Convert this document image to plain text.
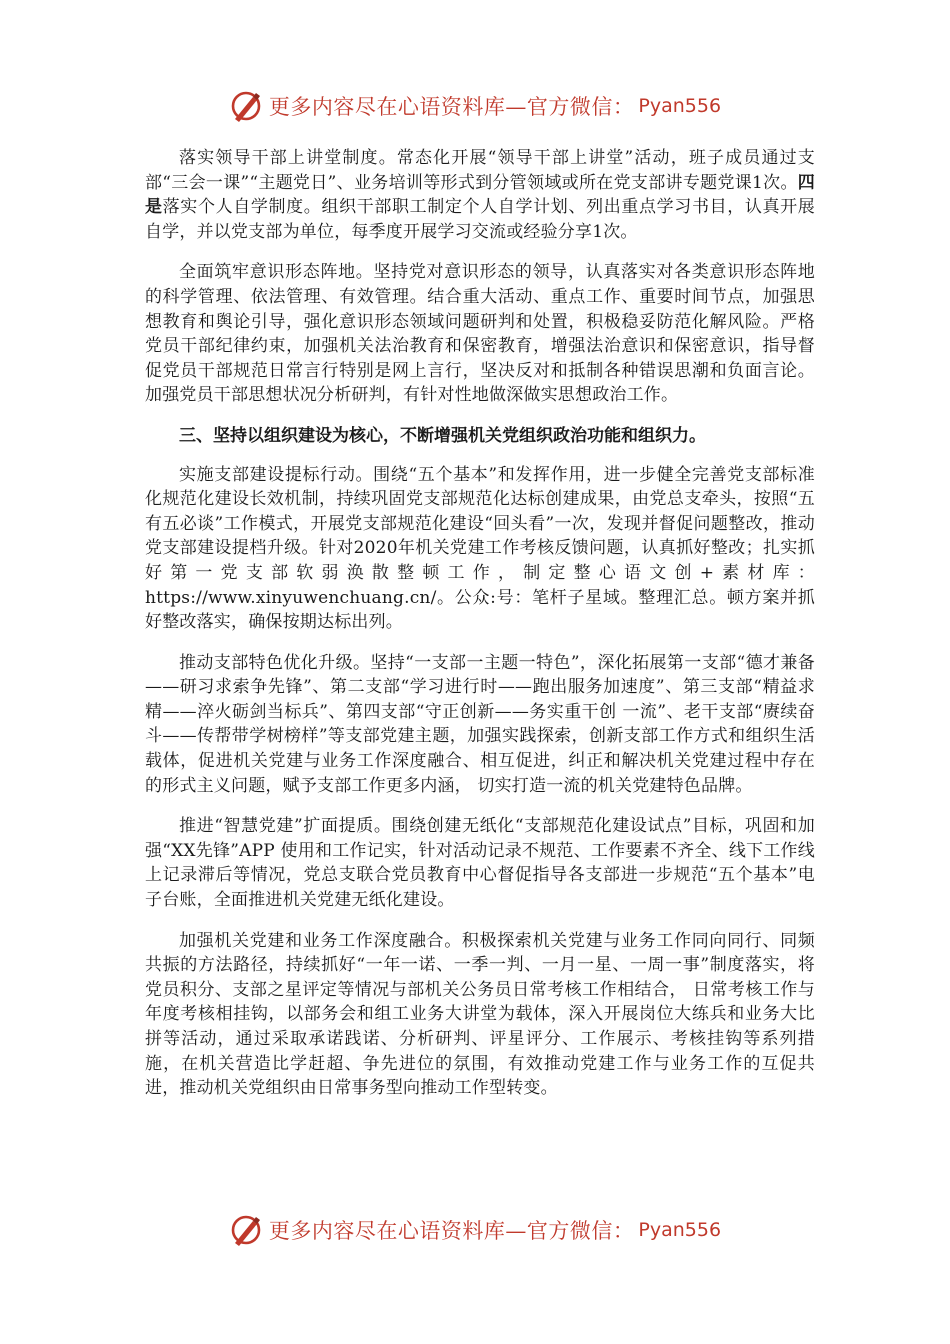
更多内容尽在心语资料库—官方微信： Pyan556

落实领导干部上讲堂制度。常态化开展“领导干部上讲堂”活动，班子成员通过支部“三会一课”“主题党日”、业务培训等形式到分管领域或所在党支部讲专题党课1次。四是落实个人自学制度。组织干部职工制定个人自学计划、列出重点学习书目，认真开展自学，并以党支部为单位，每季度开展学习交流或经验分享1次。

全面筑牢意识形态阵地。坚持党对意识形态的领导，认真落实对各类意识形态阵地的科学管理、依法管理、有效管理。结合重大活动、重点工作、重要时间节点，加强思想教育和舆论引导，强化意识形态领域问题研判和处置，积极稳妥防范化解风险。严格党员干部纪律约束，加强机关法治教育和保密教育，增强法治意识和保密意识，指导督促党员干部规范日常言行特别是网上言行，坚决反对和抵制各种错误思潮和负面言论。加强党员干部思想状况分析研判，有针对性地做深做实思想政治工作。

三、坚持以组织建设为核心，不断增强机关党组织政治功能和组织力。

实施支部建设提标行动。围绕“五个基本”和发挥作用，进一步健全完善党支部标准化规范化建设长效机制，持续巩固党支部规范化达标创建成果，由党总支牵头，按照“五有五必谈”工作模式，开展党支部规范化建设“回头看”一次，发现并督促问题整改，推动党支部建设提档升级。针对2020年机关党建工作考核反馈问题，认真抓好整改；扎实抓好第一党支部软弱涣散整顿工作，制定整心语文创+素材库：https://www.xinyuwenchuang.cn/。公众:号：笔杆子星域。整理汇总。顿方案并抓好整改落实，确保按期达标出列。

推动支部特色优化升级。坚持“一支部一主题一特色”，深化拓展第一支部“德才兼备——研习求索争先锋”、第二支部“学习进行时——跑出服务加速度”、第三支部“精益求精——淬火砺剑当标兵”、第四支部“守正创新——务实重干创 一流”、老干支部“赓续奋斗——传帮带学树榜样”等支部党建主题，加强实践探索，创新支部工作方式和组织生活载体，促进机关党建与业务工作深度融合、相互促进，纠正和解决机关党建过程中存在的形式主义问题，赋予支部工作更多内涵， 切实打造一流的机关党建特色品牌。

推进“智慧党建”扩面提质。围绕创建无纸化“支部规范化建设试点”目标，巩固和加强“XX先锋”APP 使用和工作记实，针对活动记录不规范、工作要素不齐全、线下工作线 上记录滞后等情况，党总支联合党员教育中心督促指导各支部进一步规范“五个基本”电子台账，全面推进机关党建无纸化建设。

加强机关党建和业务工作深度融合。积极探索机关党建与业务工作同向同行、同频共振的方法路径，持续抓好“一年一诺、一季一判、一月一星、一周一事”制度落实，将党员积分、支部之星评定等情况与部机关公务员日常考核工作相结合， 日常考核工作与年度考核相挂钩，以部务会和组工业务大讲堂为载体，深入开展岗位大练兵和业务大比拼等活动，通过采取承诺践诺、分析研判、评星评分、工作展示、考核挂钩等系列措施，在机关营造比学赶超、争先进位的氛围，有效推动党建工作与业务工作的互促共进，推动机关党组织由日常事务型向推动工作型转变。

更多内容尽在心语资料库—官方微信： Pyan556
